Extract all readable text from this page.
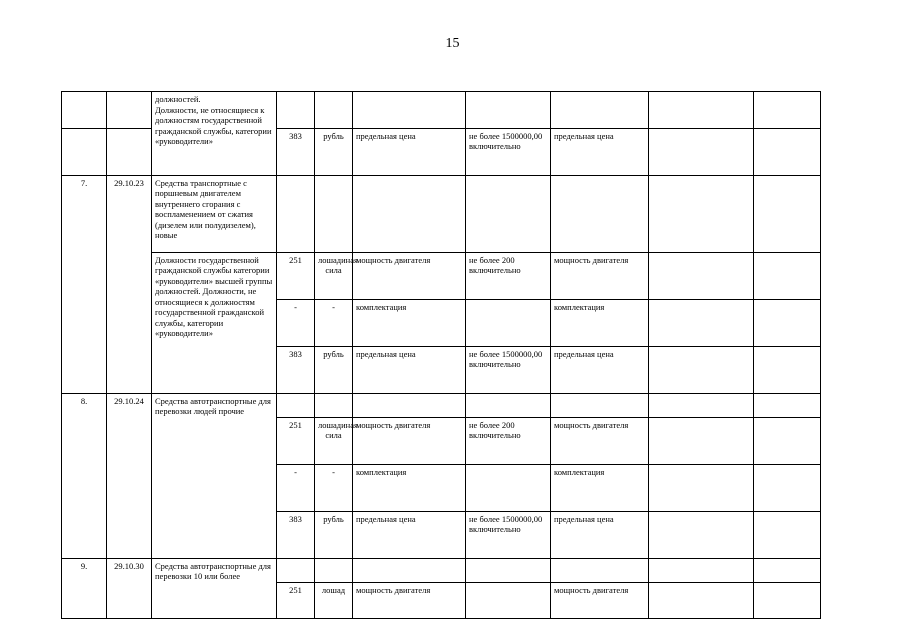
15

		должностей.
Должности, не относящиеся к должностям государственной гражданской службы, категории «руководители»

			383	рубль	предельная цена	не более 1500000,00 включительно	предельная цена			
7.	29.10.23	Средства транспортные с поршневым двигателем внутреннего сгорания с воспламенением от сжатия (дизелем или полудизелем), новые								
		Должности государственной гражданской службы категории «руководители» высшей группы должностей. Должности, не относящиеся к должностям государственной гражданской службы, категории «руководители»	251	лошадиная сила	мощность двигателя	не более 200 включительно	мощность двигателя			
			-	-	комплектация		комплектация			
			383	рубль	предельная цена	не более 1500000,00 включительно	предельная цена			
8.	29.10.24	Средства автотранспортные для перевозки людей прочие								
			251	лошадиная сила	мощность двигателя	не более 200 включительно	мощность двигателя			
			-	-	комплектация		комплектация			
			383	рубль	предельная цена	не более 1500000,00 включительно	предельная цена			
9.	29.10.30	Средства автотранспортные для перевозки 10 или более								
			251	лошад	мощность двигателя		мощность двигателя			
